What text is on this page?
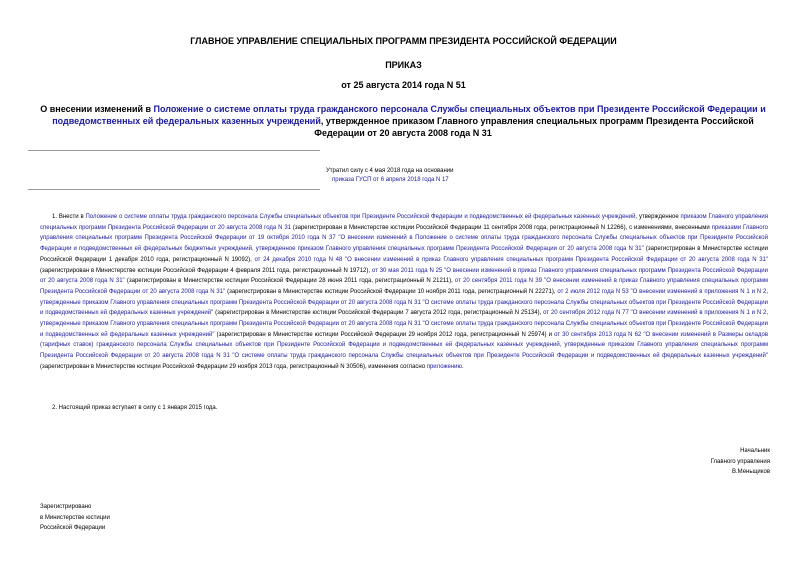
ГЛАВНОЕ УПРАВЛЕНИЕ СПЕЦИАЛЬНЫХ ПРОГРАММ ПРЕЗИДЕНТА РОССИЙСКОЙ ФЕДЕРАЦИИ
ПРИКАЗ
от 25 августа 2014 года N 51
О внесении изменений в Положение о системе оплаты труда гражданского персонала Службы специальных объектов при Президенте Российской Федерации и подведомственных ей федеральных казенных учреждений, утвержденное приказом Главного управления специальных программ Президента Российской Федерации от 20 августа 2008 года N 31
Утратил силу с 4 мая 2018 года на основании
приказа ГУСП от 6 апреля 2018 года N 17
1. Внести в Положение о системе оплаты труда гражданского персонала Службы специальных объектов при Президенте Российской Федерации и подведомственных ей федеральных казенных учреждений, утвержденное приказом Главного управления специальных программ Президента Российской Федерации от 20 августа 2008 года N 31 (зарегистрирован в Министерстве юстиции Российской Федерации 11 сентября 2008 года, регистрационный N 12266), с изменениями, внесенными приказами Главного управления специальных программ Президента Российской Федерации от 19 октября 2010 года N 37 "О внесении изменений в Положение о системе оплаты труда гражданского персонала Службы специальных объектов при Президенте Российской Федерации и подведомственных ей федеральных бюджетных учреждений, утвержденное приказом Главного управления специальных программ Президента Российской Федерации от 20 августа 2008 года N 31" (зарегистрирован в Министерстве юстиции Российской Федерации 1 декабря 2010 года, регистрационный N 19092), от 24 декабря 2010 года N 48 "О внесении изменений в приказ Главного управления специальных программ Президента Российской Федерации от 20 августа 2008 года N 31" (зарегистрирован в Министерстве юстиции Российской Федерации 4 февраля 2011 года, регистрационный N 19712), от 30 мая 2011 года N 25 "О внесении изменений в приказ Главного управления специальных программ Президента Российской Федерации от 20 августа 2008 года N 31" (зарегистрирован в Министерстве юстиции Российской Федерации 28 июня 2011 года, регистрационный N 21211), от 20 сентября 2011 года N 39 "О внесении изменений в приказ Главного управления специальных программ Президента Российской Федерации от 20 августа 2008 года N 31" (зарегистрирован в Министерстве юстиции Российской Федерации 10 ноября 2011 года, регистрационный N 22271), от 2 июля 2012 года N 53 "О внесении изменений в приложения N 1 и N 2, утвержденные приказом Главного управления специальных программ Президента Российской Федерации от 20 августа 2008 года N 31 "О системе оплаты труда гражданского персонала Службы специальных объектов при Президенте Российской Федерации и подведомственных ей федеральных казенных учреждений" (зарегистрирован в Министерстве юстиции Российской Федерации 7 августа 2012 года, регистрационный N 25134), от 20 сентября 2012 года N 77 "О внесении изменений в приложения N 1 и N 2, утвержденные приказом Главного управления специальных программ Президента Российской Федерации от 20 августа 2008 года N 31 "О системе оплаты труда гражданского персонала Службы специальных объектов при Президенте Российской Федерации и подведомственных ей федеральных казенных учреждений" (зарегистрирован в Министерстве юстиции Российской Федерации 29 ноября 2012 года, регистрационный N 25974) и от 30 сентября 2013 года N 62 "О внесении изменений в Размеры окладов (тарифных ставок) гражданского персонала Службы специальных объектов при Президенте Российской Федерации и подведомственных ей федеральных казенных учреждений, утвержденные приказом Главного управления специальных программ Президента Российской Федерации от 20 августа 2008 года N 31 "О системе оплаты труда гражданского персонала Службы специальных объектов при Президенте Российской Федерации и подведомственных ей федеральных казенных учреждений" (зарегистрирован в Министерстве юстиции Российской Федерации 29 ноября 2013 года, регистрационный N 30506), изменения согласно приложению.
2. Настоящий приказ вступает в силу с 1 января 2015 года.
Начальник
Главного управления
В.Меньщиков
Зарегистрировано
в Министерстве юстиции
Российской Федерации
